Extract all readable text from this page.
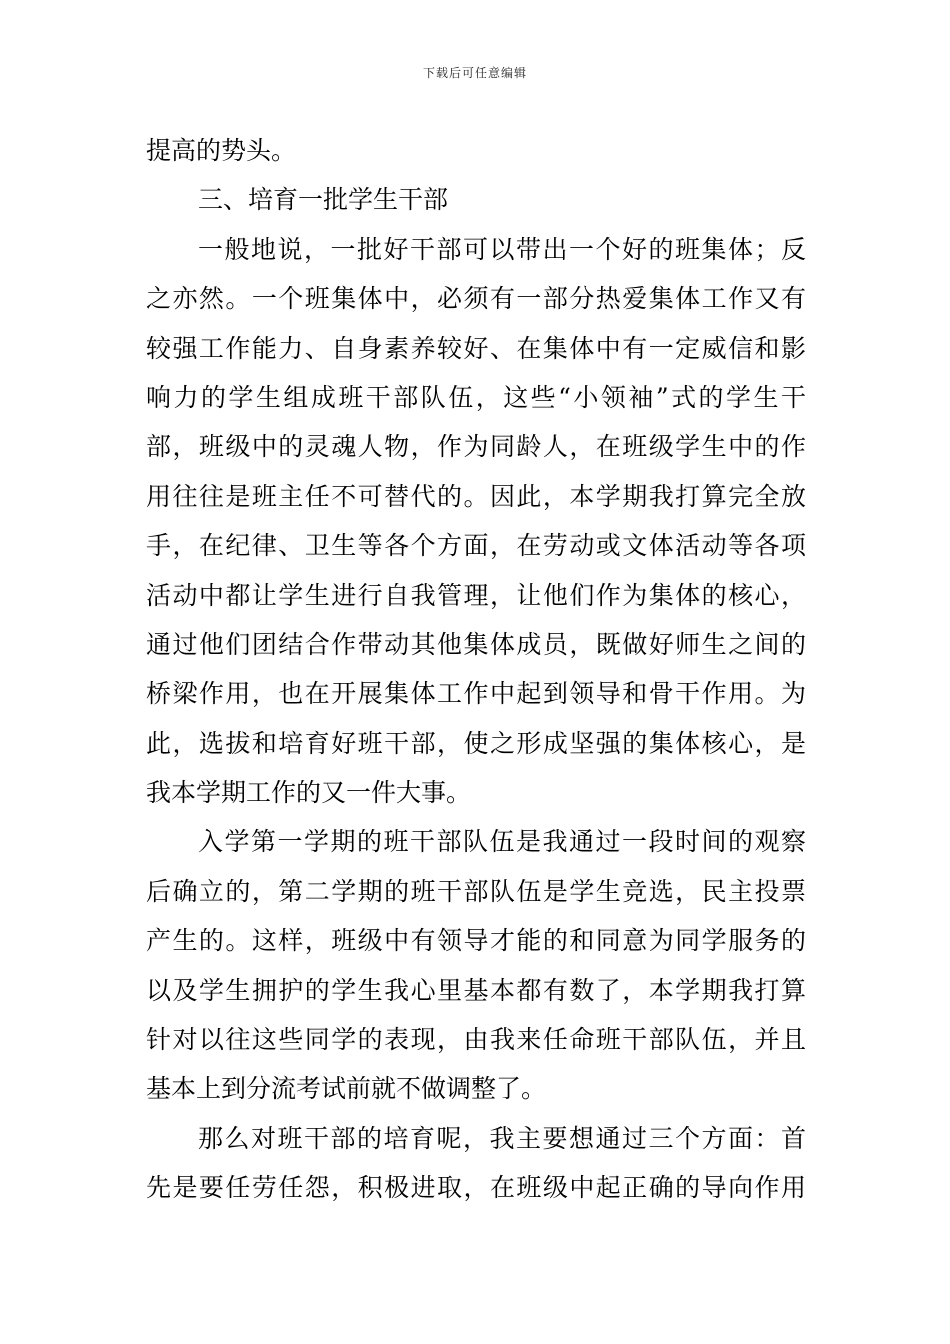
下载后可任意编辑
提高的势头。
三、培育一批学生干部
一般地说，一批好干部可以带出一个好的班集体；反
之亦然。一个班集体中，必须有一部分热爱集体工作又有
较强工作能力、自身素养较好、在集体中有一定威信和影
响力的学生组成班干部队伍，这些“小领袖”式的学生干
部，班级中的灵魂人物，作为同龄人，在班级学生中的作
用往往是班主任不可替代的。因此，本学期我打算完全放
手，在纪律、卫生等各个方面，在劳动或文体活动等各项
活动中都让学生进行自我管理，让他们作为集体的核心，
通过他们团结合作带动其他集体成员，既做好师生之间的
桥梁作用，也在开展集体工作中起到领导和骨干作用。为
此，选拔和培育好班干部，使之形成坚强的集体核心，是
我本学期工作的又一件大事。
入学第一学期的班干部队伍是我通过一段时间的观察
后确立的，第二学期的班干部队伍是学生竞选，民主投票
产生的。这样，班级中有领导才能的和同意为同学服务的
以及学生拥护的学生我心里基本都有数了，本学期我打算
针对以往这些同学的表现，由我来任命班干部队伍，并且
基本上到分流考试前就不做调整了。
那么对班干部的培育呢，我主要想通过三个方面：首
先是要任劳任怨，积极进取，在班级中起正确的导向作用
